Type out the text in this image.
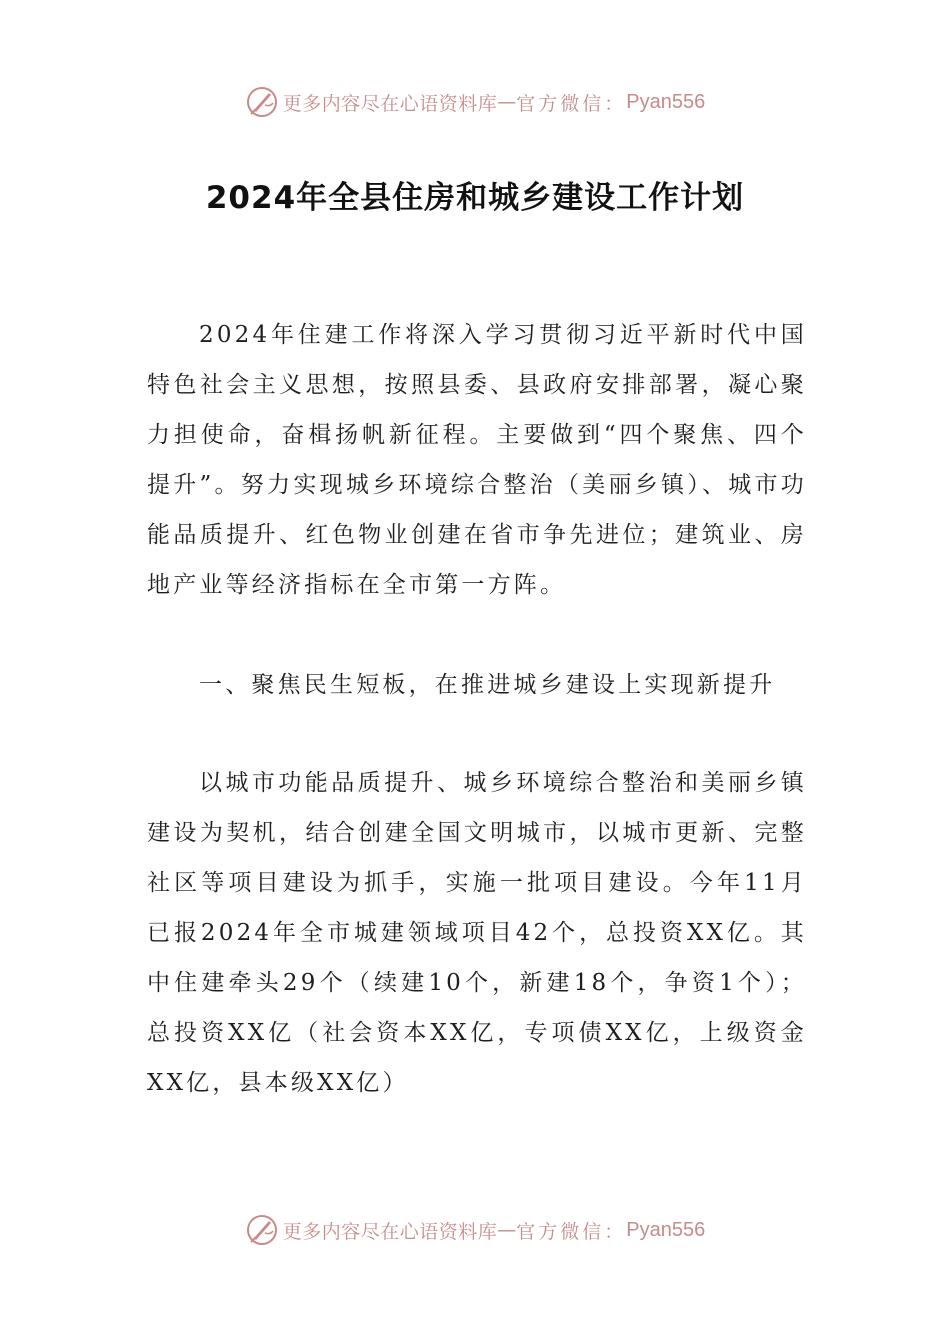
更多内容尽在心语资料库 — 官方微信： Pyan556
2024年全县住房和城乡建设工作计划

2024年住建工作将深入学习贯彻习近平新时代中国特色社会主义思想，按照县委、县政府安排部署，凝心聚力担使命，奋楫扬帆新征程。主要做到“四个聚焦、四个提升”。努力实现城乡环境综合整治（美丽乡镇）、城市功能品质提升、红色物业创建在省市争先进位；建筑业、房地产业等经济指标在全市第一方阵。

一、聚焦民生短板，在推进城乡建设上实现新提升

以城市功能品质提升、城乡环境综合整治和美丽乡镇建设为契机，结合创建全国文明城市，以城市更新、完整社区等项目建设为抓手，实施一批项目建设。今年11月已报2024年全市城建领域项目42个，总投资XX亿。其中住建牵头29个（续建10个，新建18个，争资1个）；总投资XX亿（社会资本XX亿，专项债XX亿，上级资金XX亿，县本级XX亿）

更多内容尽在心语资料库 — 官方微信： Pyan556
